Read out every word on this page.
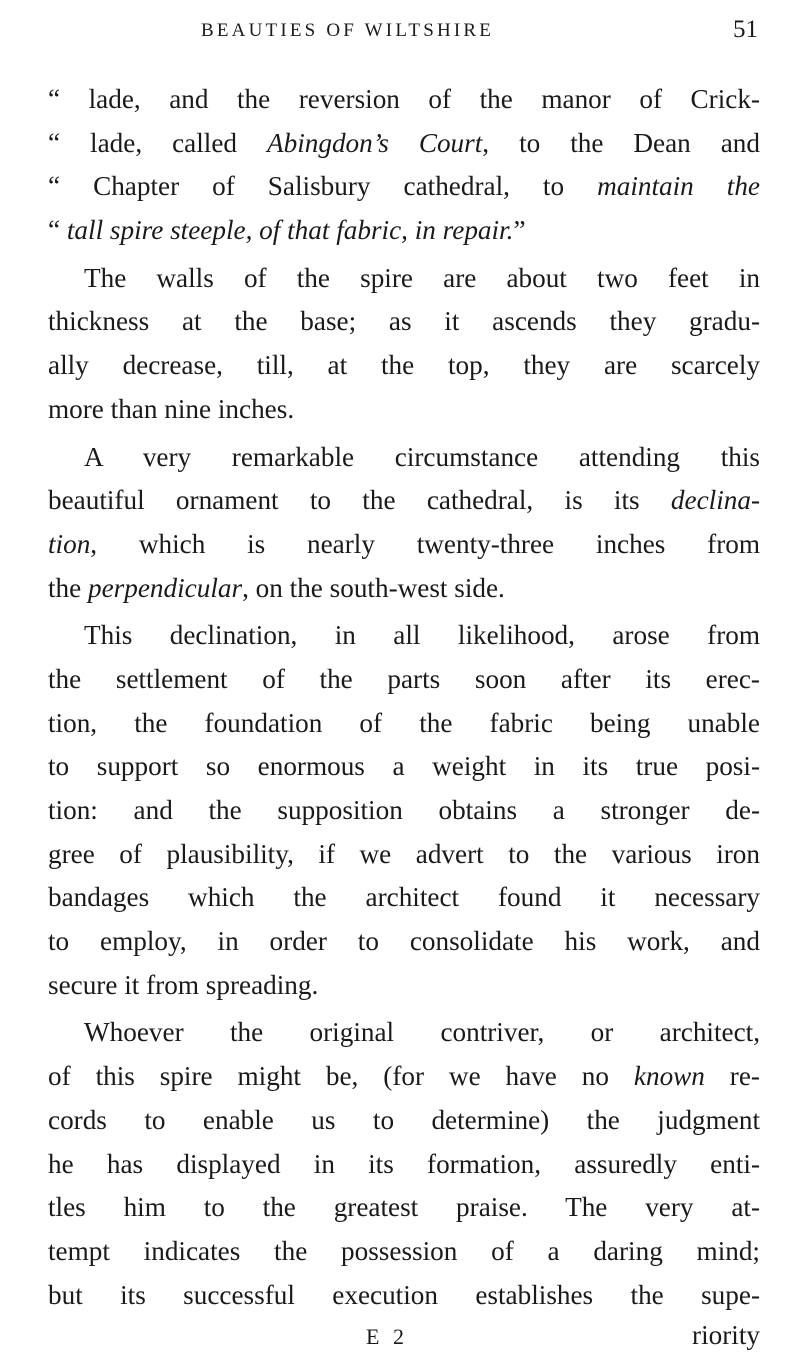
BEAUTIES OF WILTSHIRE	51
“ lade, and the reversion of the manor of Crick-
“ lade, called Abingdon’s Court, to the Dean and
“ Chapter of Salisbury cathedral, to maintain the
“ tall spire steeple, of that fabric, in repair.”
The walls of the spire are about two feet in
thickness at the base; as it ascends they gradu-
ally decrease, till, at the top, they are scarcely
more than nine inches.
A very remarkable circumstance attending this
beautiful ornament to the cathedral, is its declina-
tion, which is nearly twenty-three inches from
the perpendicular, on the south-west side.
This declination, in all likelihood, arose from
the settlement of the parts soon after its erec-
tion, the foundation of the fabric being unable
to support so enormous a weight in its true posi-
tion: and the supposition obtains a stronger de-
gree of plausibility, if we advert to the various iron
bandages which the architect found it necessary
to employ, in order to consolidate his work, and
secure it from spreading.
Whoever the original contriver, or architect,
of this spire might be, (for we have no known re-
cords to enable us to determine) the judgment
he has displayed in its formation, assuredly enti-
tles him to the greatest praise. The very at-
tempt indicates the possession of a daring mind;
but its successful execution establishes the supe-
E 2	riority
